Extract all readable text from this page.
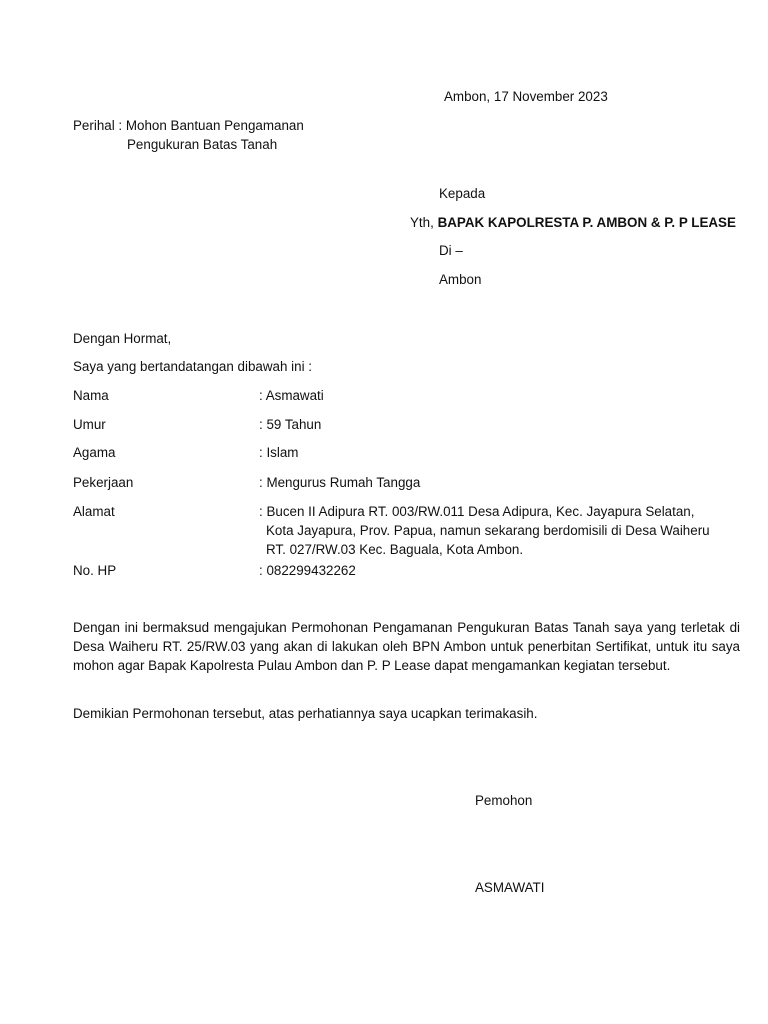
Ambon, 17 November 2023
Perihal : Mohon Bantuan Pengamanan
Pengukuran Batas Tanah
Kepada
Yth, BAPAK KAPOLRESTA P. AMBON & P. P LEASE
Di –
Ambon
Dengan Hormat,
Saya yang bertandatangan dibawah ini :
Nama	: Asmawati
Umur	: 59 Tahun
Agama	: Islam
Pekerjaan	: Mengurus Rumah Tangga
Alamat	: Bucen II Adipura RT. 003/RW.011 Desa Adipura, Kec. Jayapura Selatan,
Kota Jayapura, Prov. Papua, namun sekarang berdomisili di Desa Waiheru
RT. 027/RW.03 Kec. Baguala, Kota Ambon.
No. HP	: 082299432262
Dengan ini bermaksud mengajukan Permohonan Pengamanan Pengukuran Batas Tanah saya yang terletak di Desa Waiheru RT. 25/RW.03 yang akan di lakukan oleh BPN Ambon untuk penerbitan Sertifikat, untuk itu saya mohon agar Bapak Kapolresta Pulau Ambon dan P. P Lease dapat mengamankan kegiatan tersebut.
Demikian Permohonan tersebut, atas perhatiannya saya ucapkan terimakasih.
Pemohon
ASMAWATI
